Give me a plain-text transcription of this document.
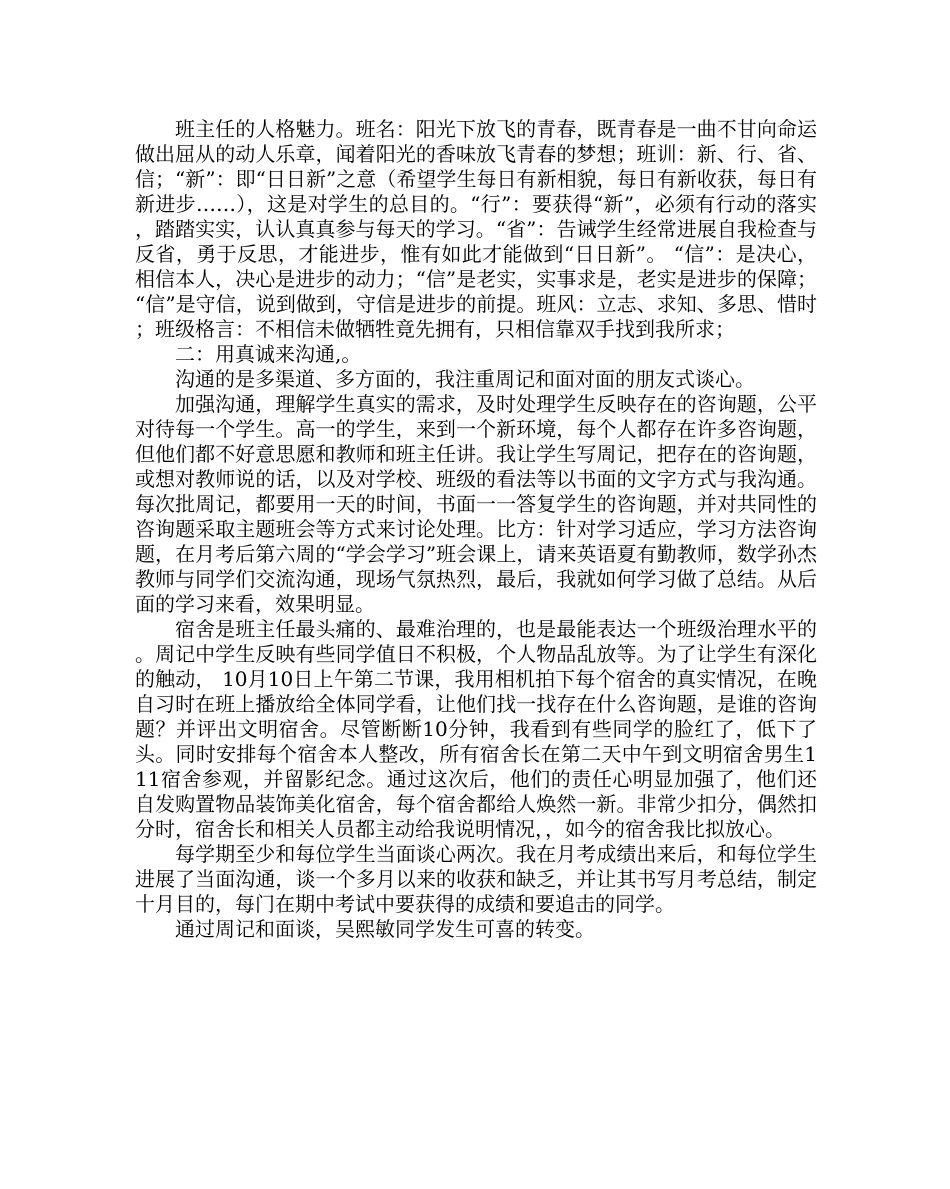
班主任的人格魅力。班名：阳光下放飞的青春，既青春是一曲不甘向命运做出屈从的动人乐章，闻着阳光的香味放飞青春的梦想；班训：新、行、省、信；“新”：即“日日新”之意（希望学生每日有新相貌，每日有新收获，每日有新进步……），这是对学生的总目的。“行”：要获得“新”，必须有行动的落实，踏踏实实，认认真真参与每天的学习。“省”：告诫学生经常进展自我检查与反省，勇于反思，才能进步，惟有如此才能做到“日日新”。 “信”：是决心，相信本人，决心是进步的动力；“信”是老实，实事求是，老实是进步的保障；“信”是守信，说到做到，守信是进步的前提。班风：立志、求知、多思、惜时；班级格言：不相信未做牺牲竟先拥有，只相信靠双手找到我所求；

二：用真诚来沟通,。

沟通的是多渠道、多方面的，我注重周记和面对面的朋友式谈心。

加强沟通，理解学生真实的需求，及时处理学生反映存在的咨询题，公平对待每一个学生。高一的学生，来到一个新环境，每个人都存在许多咨询题，但他们都不好意思愿和教师和班主任讲。我让学生写周记，把存在的咨询题，或想对教师说的话，以及对学校、班级的看法等以书面的文字方式与我沟通。每次批周记，都要用一天的时间，书面一一答复学生的咨询题，并对共同性的咨询题采取主题班会等方式来讨论处理。比方：针对学习适应，学习方法咨询题，在月考后第六周的“学会学习”班会课上，请来英语夏有勤教师，数学孙杰教师与同学们交流沟通，现场气氛热烈，最后，我就如何学习做了总结。从后面的学习来看，效果明显。

宿舍是班主任最头痛的、最难治理的，也是最能表达一个班级治理水平的。周记中学生反映有些同学值日不积极，个人物品乱放等。为了让学生有深化的触动， 10月10日上午第二节课，我用相机拍下每个宿舍的真实情况，在晚自习时在班上播放给全体同学看，让他们找一找存在什么咨询题，是谁的咨询题？并评出文明宿舍。尽管断断10分钟，我看到有些同学的脸红了，低下了头。同时安排每个宿舍本人整改，所有宿舍长在第二天中午到文明宿舍男生111宿舍参观，并留影纪念。通过这次后，他们的责任心明显加强了，他们还自发购置物品装饰美化宿舍，每个宿舍都给人焕然一新。非常少扣分，偶然扣分时，宿舍长和相关人员都主动给我说明情况，，如今的宿舍我比拟放心。

每学期至少和每位学生当面谈心两次。我在月考成绩出来后，和每位学生进展了当面沟通，谈一个多月以来的收获和缺乏，并让其书写月考总结，制定十月目的，每门在期中考试中要获得的成绩和要追击的同学。

通过周记和面谈，吴熙敏同学发生可喜的转变。
